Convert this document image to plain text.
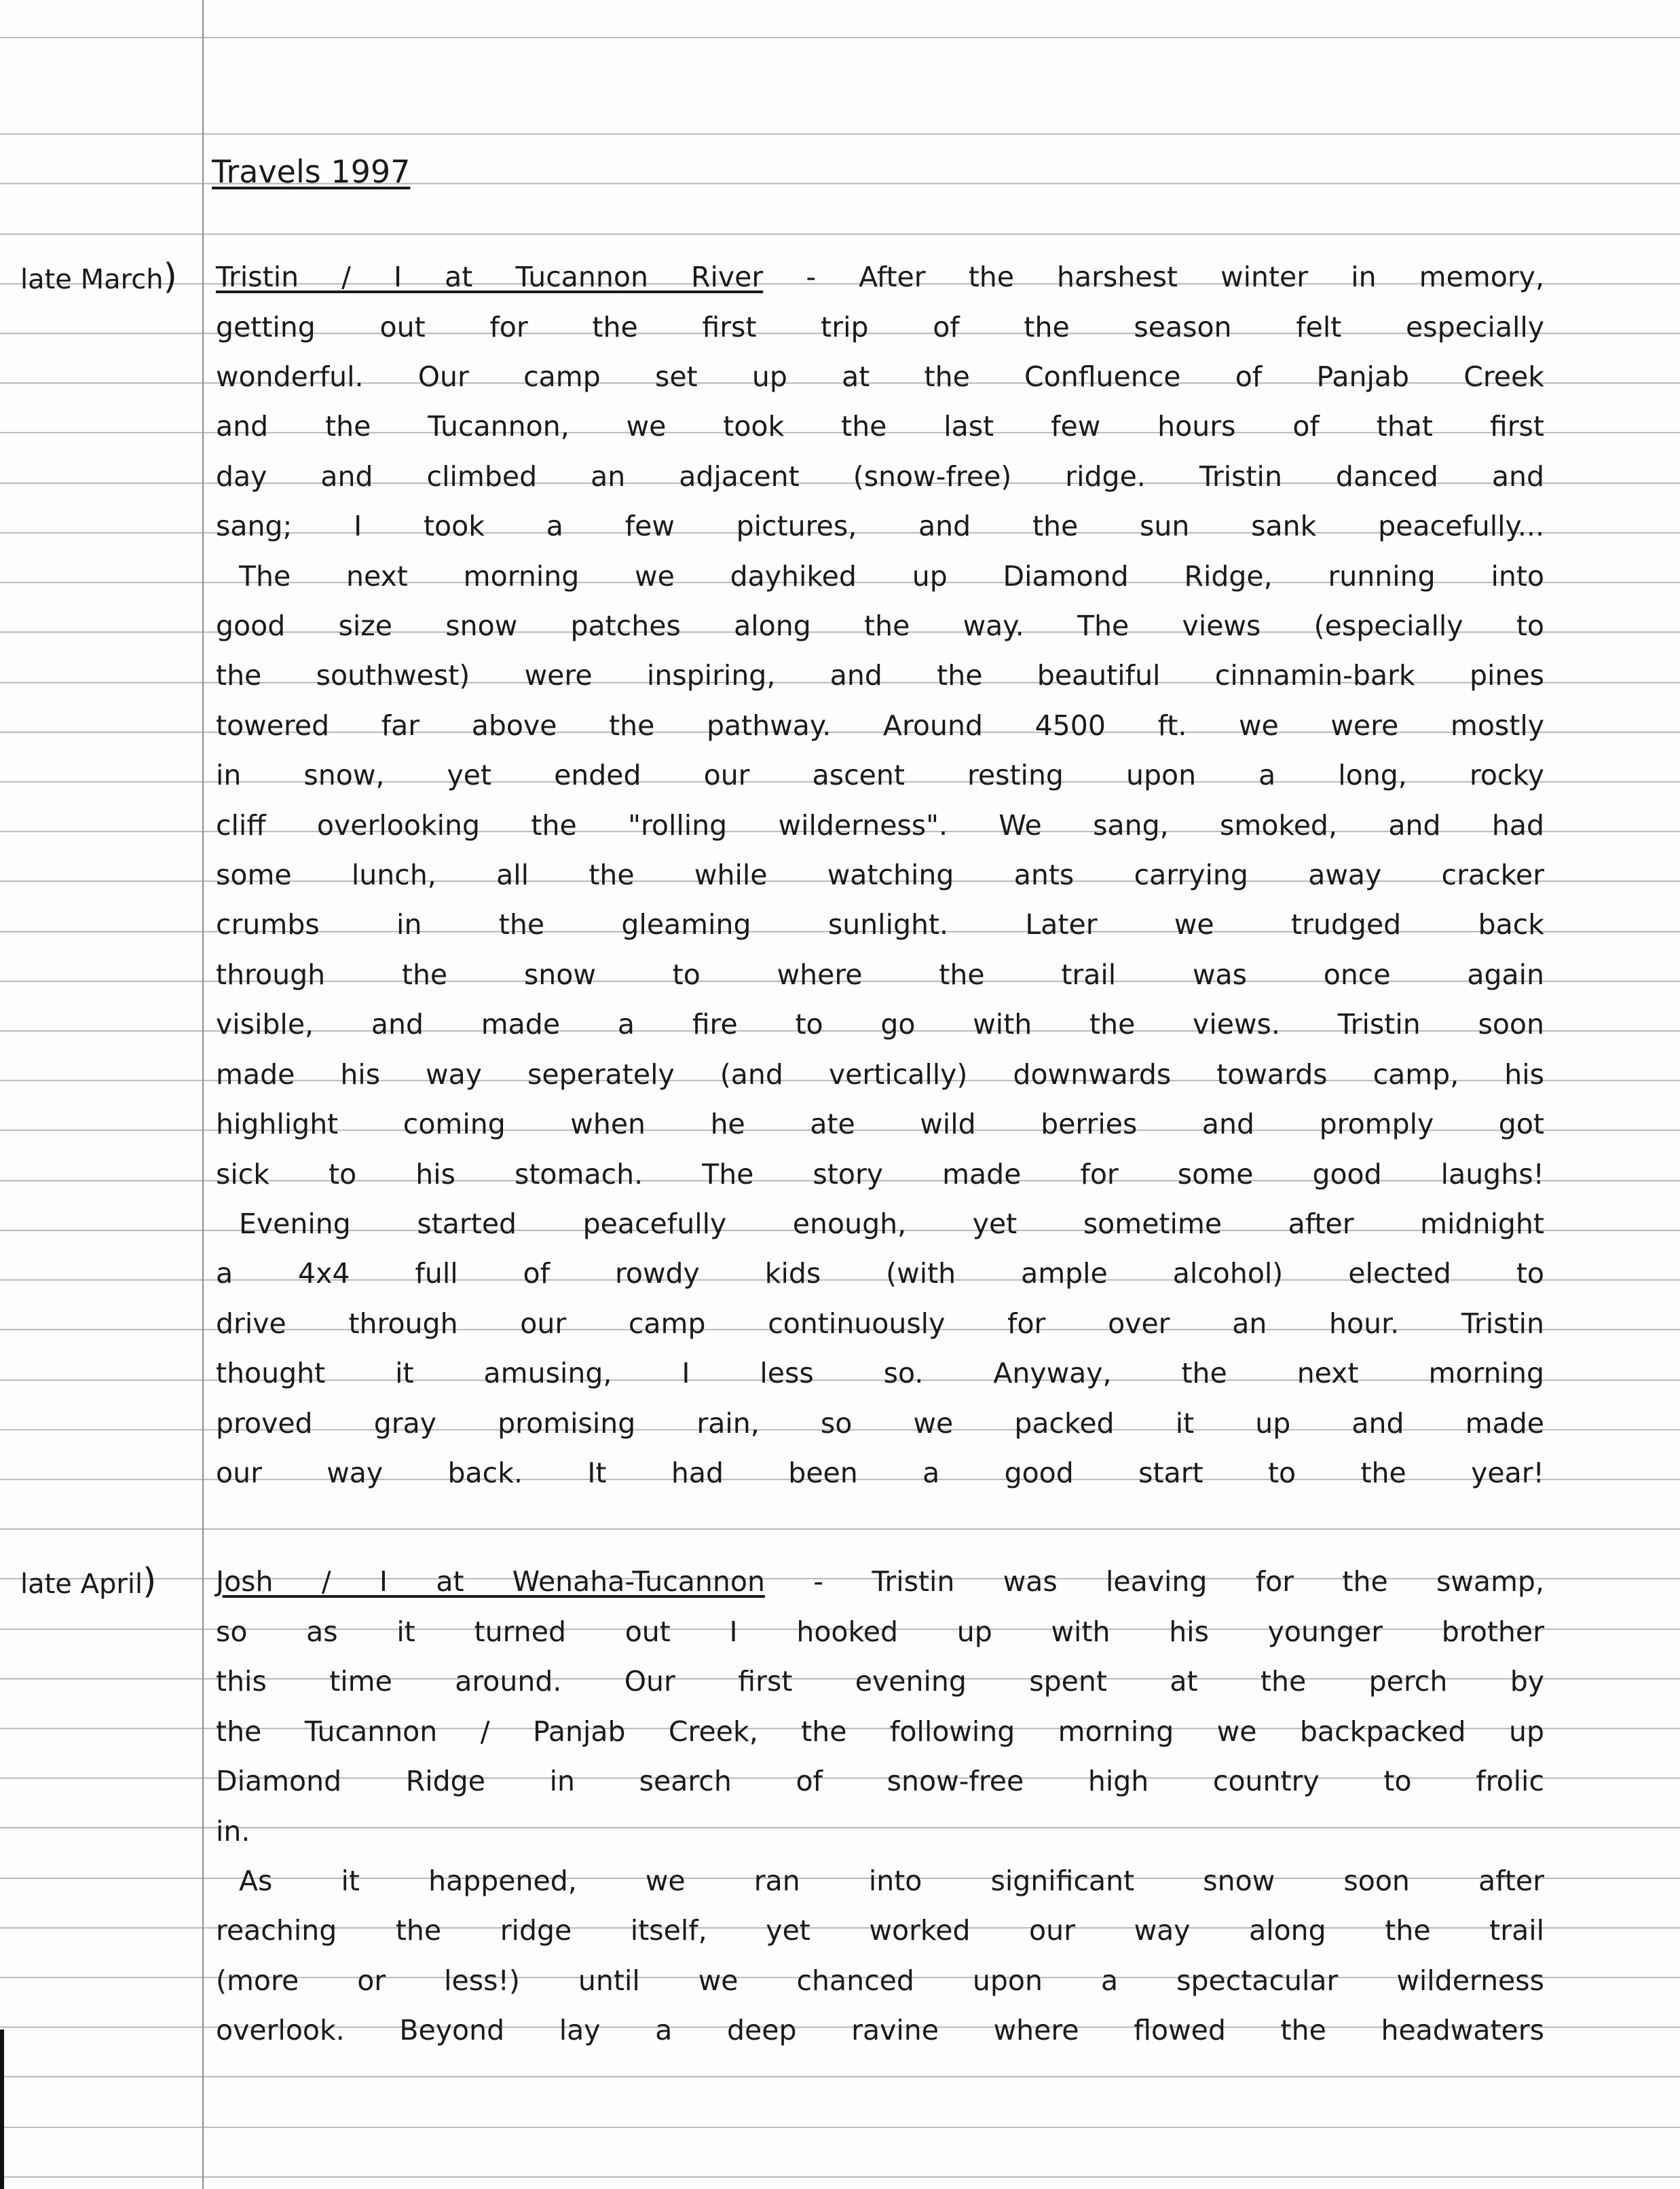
Travels 1997
late March) Tristin / I at Tucannon River - After the harshest winter in memory,
getting out for the first trip of the season felt especially
wonderful. Our camp set up at the Confluence of Panjab Creek
and the Tucannon, we took the last few hours of that first
day and climbed an adjacent (snow-free) ridge. Tristin danced and
sang; I took a few pictures, and the sun sank peacefully...
The next morning we dayhiked up Diamond Ridge, running into
good size snow patches along the way. The views (especially to
the southwest) were inspiring, and the beautiful cinnamin-bark pines
towered far above the pathway. Around 4500 ft. we were mostly
in snow, yet ended our ascent resting upon a long, rocky
cliff overlooking the "rolling wilderness". We sang, smoked, and had
some lunch, all the while watching ants carrying away cracker
crumbs in the gleaming sunlight. Later we trudged back
through the snow to where the trail was once again
visible, and made a fire to go with the views. Tristin soon
made his way seperately (and vertically) downwards towards camp, his
highlight coming when he ate wild berries and promply got
sick to his stomach. The story made for some good laughs!
Evening started peacefully enough, yet sometime after midnight
a 4x4 full of rowdy kids (with ample alcohol) elected to
drive through our camp continuously for over an hour. Tristin
thought it amusing, I less so. Anyway, the next morning
proved gray promising rain, so we packed it up and made
our way back. It had been a good start to the year!
late April) Josh / I at Wenaha-Tucannon - Tristin was leaving for the swamp,
so as it turned out I hooked up with his younger brother
this time around. Our first evening spent at the perch by
the Tucannon / Panjab Creek, the following morning we backpacked up
Diamond Ridge in search of snow-free high country to frolic
in.
As it happened, we ran into significant snow soon after
reaching the ridge itself, yet worked our way along the trail
(more or less!) until we chanced upon a spectacular wilderness
overlook. Beyond lay a deep ravine where flowed the headwaters
